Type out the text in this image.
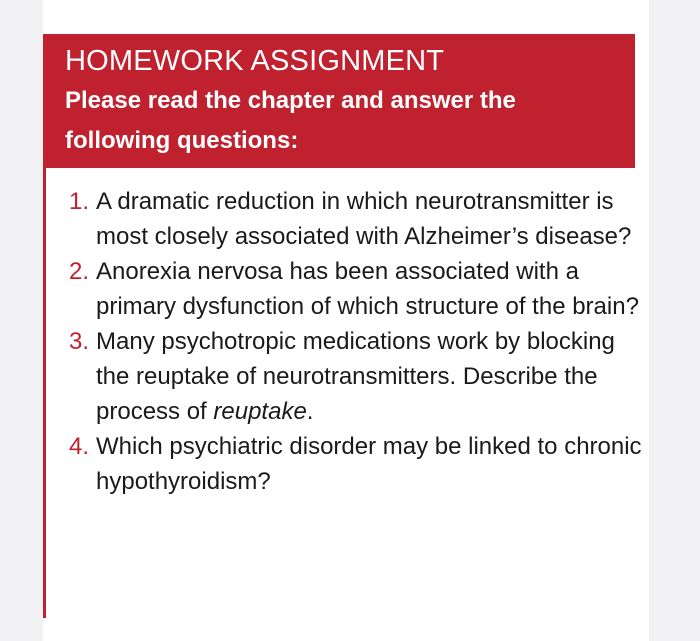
HOMEWORK ASSIGNMENT
Please read the chapter and answer the
following questions:
1. A dramatic reduction in which neurotransmitter is most closely associated with Alzheimer’s disease?
2. Anorexia nervosa has been associated with a primary dysfunction of which structure of the brain?
3. Many psychotropic medications work by blocking the reuptake of neurotransmitters. Describe the process of reuptake.
4. Which psychiatric disorder may be linked to chronic hypothyroidism?
